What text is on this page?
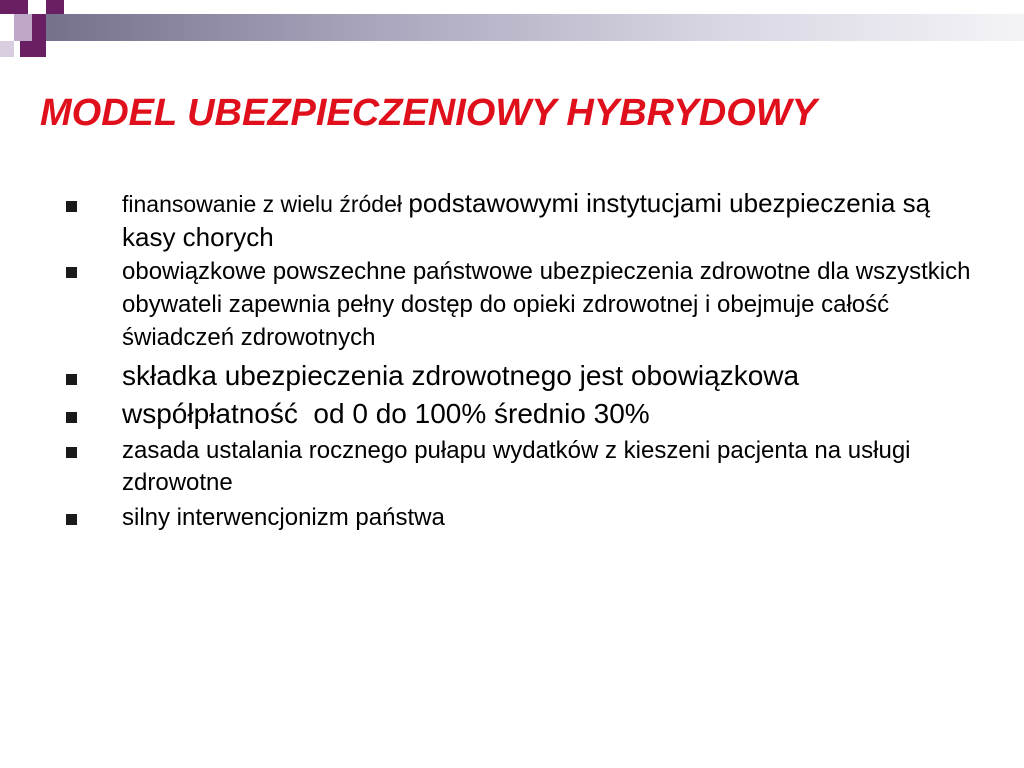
MODEL UBEZPIECZENIOWY HYBRYDOWY
finansowanie z wielu źródeł podstawowymi instytucjami ubezpieczenia są kasy chorych
obowiązkowe powszechne państwowe ubezpieczenia zdrowotne dla wszystkich obywateli zapewnia pełny dostęp do opieki zdrowotnej i obejmuje całość świadczeń zdrowotnych
składka ubezpieczenia zdrowotnego jest obowiązkowa
współpłatność  od 0 do 100% średnio 30%
zasada ustalania rocznego pułapu wydatków z kieszeni pacjenta na usługi zdrowotne
silny interwencjonizm państwa
